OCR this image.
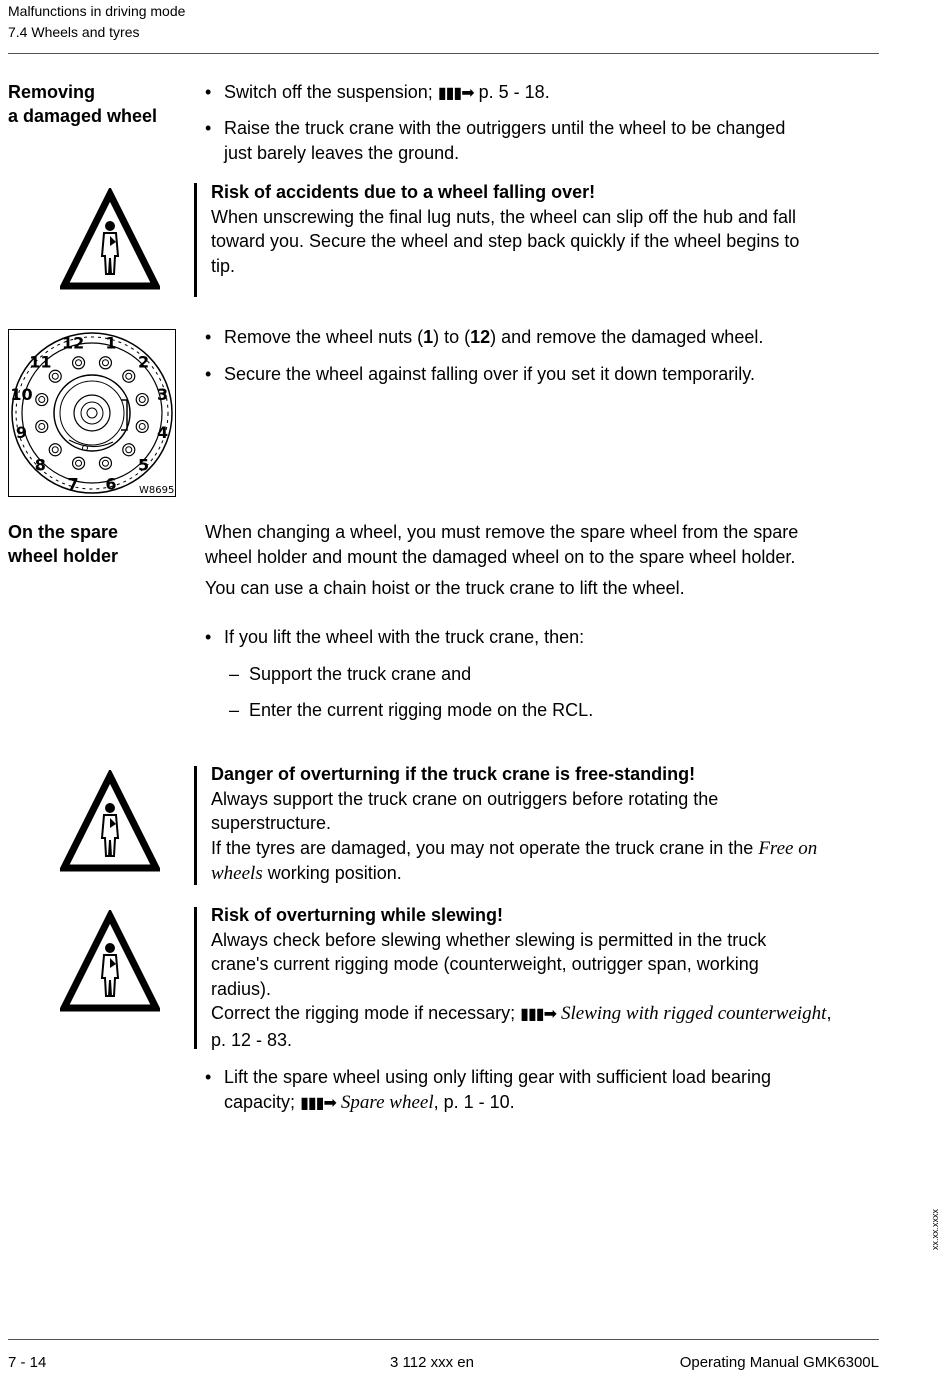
Malfunctions in driving mode
7.4 Wheels and tyres
Removing
a damaged wheel
• Switch off the suspension; ▮▮▮➡ p. 5 - 18.
• Raise the truck crane with the outriggers until the wheel to be changed
just barely leaves the ground.
Risk of accidents due to a wheel falling over!
When unscrewing the final lug nuts, the wheel can slip off the hub and fall
toward you. Secure the wheel and step back quickly if the wheel begins to
tip.
1
2
3
4
5
6
7
8
9
10
11
12
W8695
• Remove the wheel nuts (1) to (12) and remove the damaged wheel.
• Secure the wheel against falling over if you set it down temporarily.
On the spare
wheel holder
When changing a wheel, you must remove the spare wheel from the spare
wheel holder and mount the damaged wheel on to the spare wheel holder.
You can use a chain hoist or the truck crane to lift the wheel.
• If you lift the wheel with the truck crane, then:
– Support the truck crane and
– Enter the current rigging mode on the RCL.
Danger of overturning if the truck crane is free-standing!
Always support the truck crane on outriggers before rotating the
superstructure.
If the tyres are damaged, you may not operate the truck crane in the Free on
wheels working position.
Risk of overturning while slewing!
Always check before slewing whether slewing is permitted in the truck
crane's current rigging mode (counterweight, outrigger span, working
radius).
Correct the rigging mode if necessary; ▮▮▮➡ Slewing with rigged counterweight,
p. 12 - 83.
• Lift the spare wheel using only lifting gear with sufficient load bearing
capacity; ▮▮▮➡ Spare wheel, p. 1 - 10.
xx.xx.xxxx
7 - 14	3 112 xxx en	Operating Manual GMK6300L
